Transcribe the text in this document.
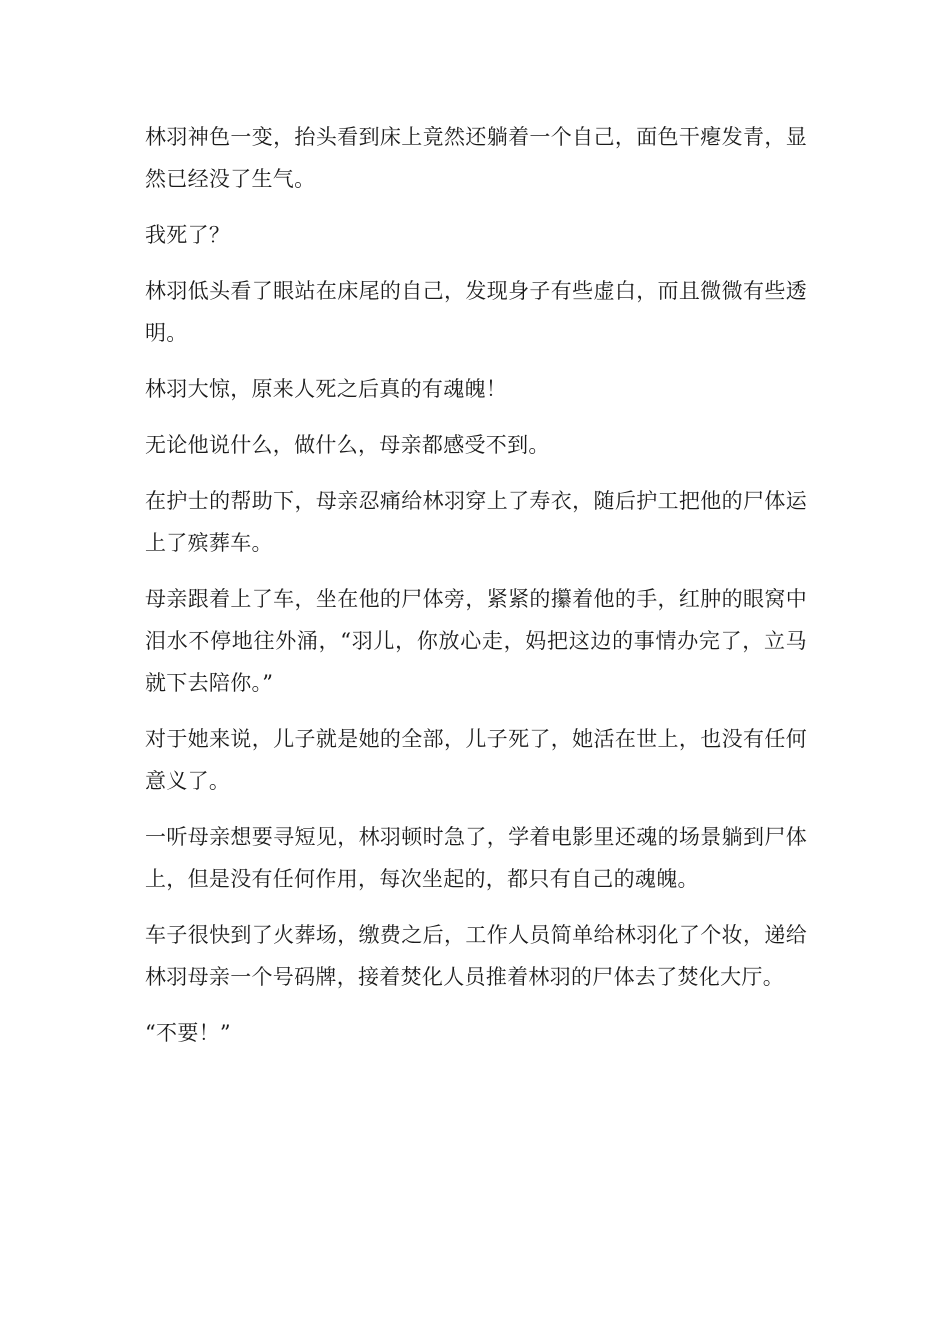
林羽神色一变，抬头看到床上竟然还躺着一个自己，面色干瘪发青，显然已经没了生气。

我死了？

林羽低头看了眼站在床尾的自己，发现身子有些虚白，而且微微有些透明。

林羽大惊，原来人死之后真的有魂魄！

无论他说什么，做什么，母亲都感受不到。

在护士的帮助下，母亲忍痛给林羽穿上了寿衣，随后护工把他的尸体运上了殡葬车。

母亲跟着上了车，坐在他的尸体旁，紧紧的攥着他的手，红肿的眼窝中泪水不停地往外涌，“羽儿，你放心走，妈把这边的事情办完了，立马就下去陪你。”

对于她来说，儿子就是她的全部，儿子死了，她活在世上，也没有任何意义了。

一听母亲想要寻短见，林羽顿时急了，学着电影里还魂的场景躺到尸体上，但是没有任何作用，每次坐起的，都只有自己的魂魄。

车子很快到了火葬场，缴费之后，工作人员简单给林羽化了个妆，递给林羽母亲一个号码牌，接着焚化人员推着林羽的尸体去了焚化大厅。

“不要！”
